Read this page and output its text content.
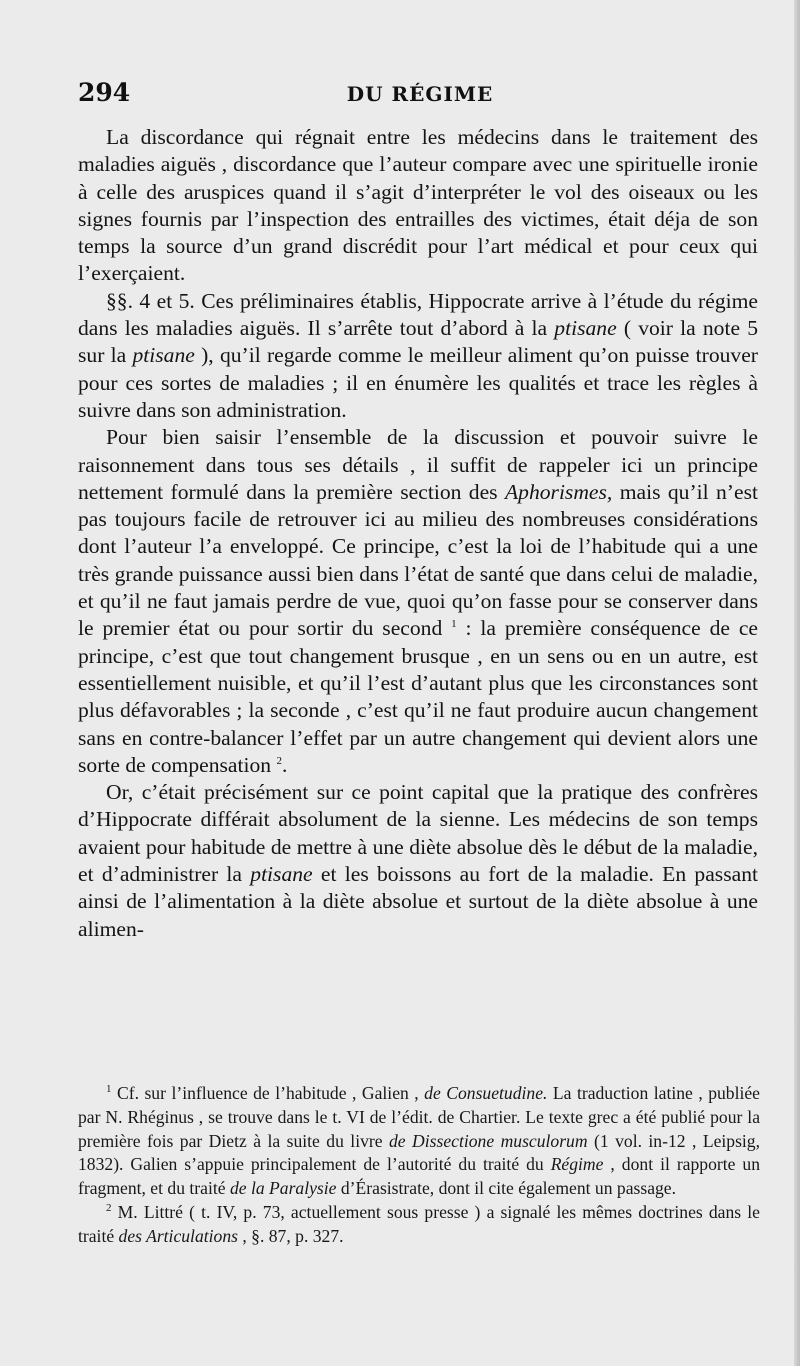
294	DU RÉGIME

La discordance qui régnait entre les médecins dans le traitement des maladies aiguës , discordance que l’auteur compare avec une spirituelle ironie à celle des aruspices quand il s’agit d’interpréter le vol des oiseaux ou les signes fournis par l’inspection des entrailles des victimes, était déja de son temps la source d’un grand discrédit pour l’art médical et pour ceux qui l’exerçaient.

§§. 4 et 5. Ces préliminaires établis, Hippocrate arrive à l’étude du régime dans les maladies aiguës. Il s’arrête tout d’abord à la ptisane ( voir la note 5 sur la ptisane ), qu’il regarde comme le meilleur aliment qu’on puisse trouver pour ces sortes de maladies ; il en énumère les qualités et trace les règles à suivre dans son administration.

Pour bien saisir l’ensemble de la discussion et pouvoir suivre le raisonnement dans tous ses détails , il suffit de rappeler ici un principe nettement formulé dans la première section des Aphorismes, mais qu’il n’est pas toujours facile de retrouver ici au milieu des nombreuses considérations dont l’auteur l’a enveloppé. Ce principe, c’est la loi de l’habitude qui a une très grande puissance aussi bien dans l’état de santé que dans celui de maladie, et qu’il ne faut jamais perdre de vue, quoi qu’on fasse pour se conserver dans le premier état ou pour sortir du second $^1$ : la première conséquence de ce principe, c’est que tout changement brusque , en un sens ou en un autre, est essentiellement nuisible, et qu’il l’est d’autant plus que les circonstances sont plus défavorables ; la seconde , c’est qu’il ne faut produire aucun changement sans en contre-balancer l’effet par un autre changement qui devient alors une sorte de compensation $^2$.

Or, c’était précisément sur ce point capital que la pratique des confrères d’Hippocrate différait absolument de la sienne. Les médecins de son temps avaient pour habitude de mettre à une diète absolue dès le début de la maladie, et d’administrer la ptisane et les boissons au fort de la maladie. En passant ainsi de l’alimentation à la diète absolue et surtout de la diète absolue à une alimen-

$^1$ Cf. sur l’influence de l’habitude , Galien , de Consuetudine. La traduction latine , publiée par N. Rhéginus , se trouve dans le t. VI de l’édit. de Chartier. Le texte grec a été publié pour la première fois par Dietz à la suite du livre de Dissectione musculorum (1 vol. in-12 , Leipsig, 1832). Galien s’appuie principalement de l’autorité du traité du Régime , dont il rapporte un fragment, et du traité de la Paralysie d’Érasistrate, dont il cite également un passage.

$^2$ M. Littré ( t. IV, p. 73, actuellement sous presse ) a signalé les mêmes doctrines dans le traité des Articulations , §. 87, p. 327.
